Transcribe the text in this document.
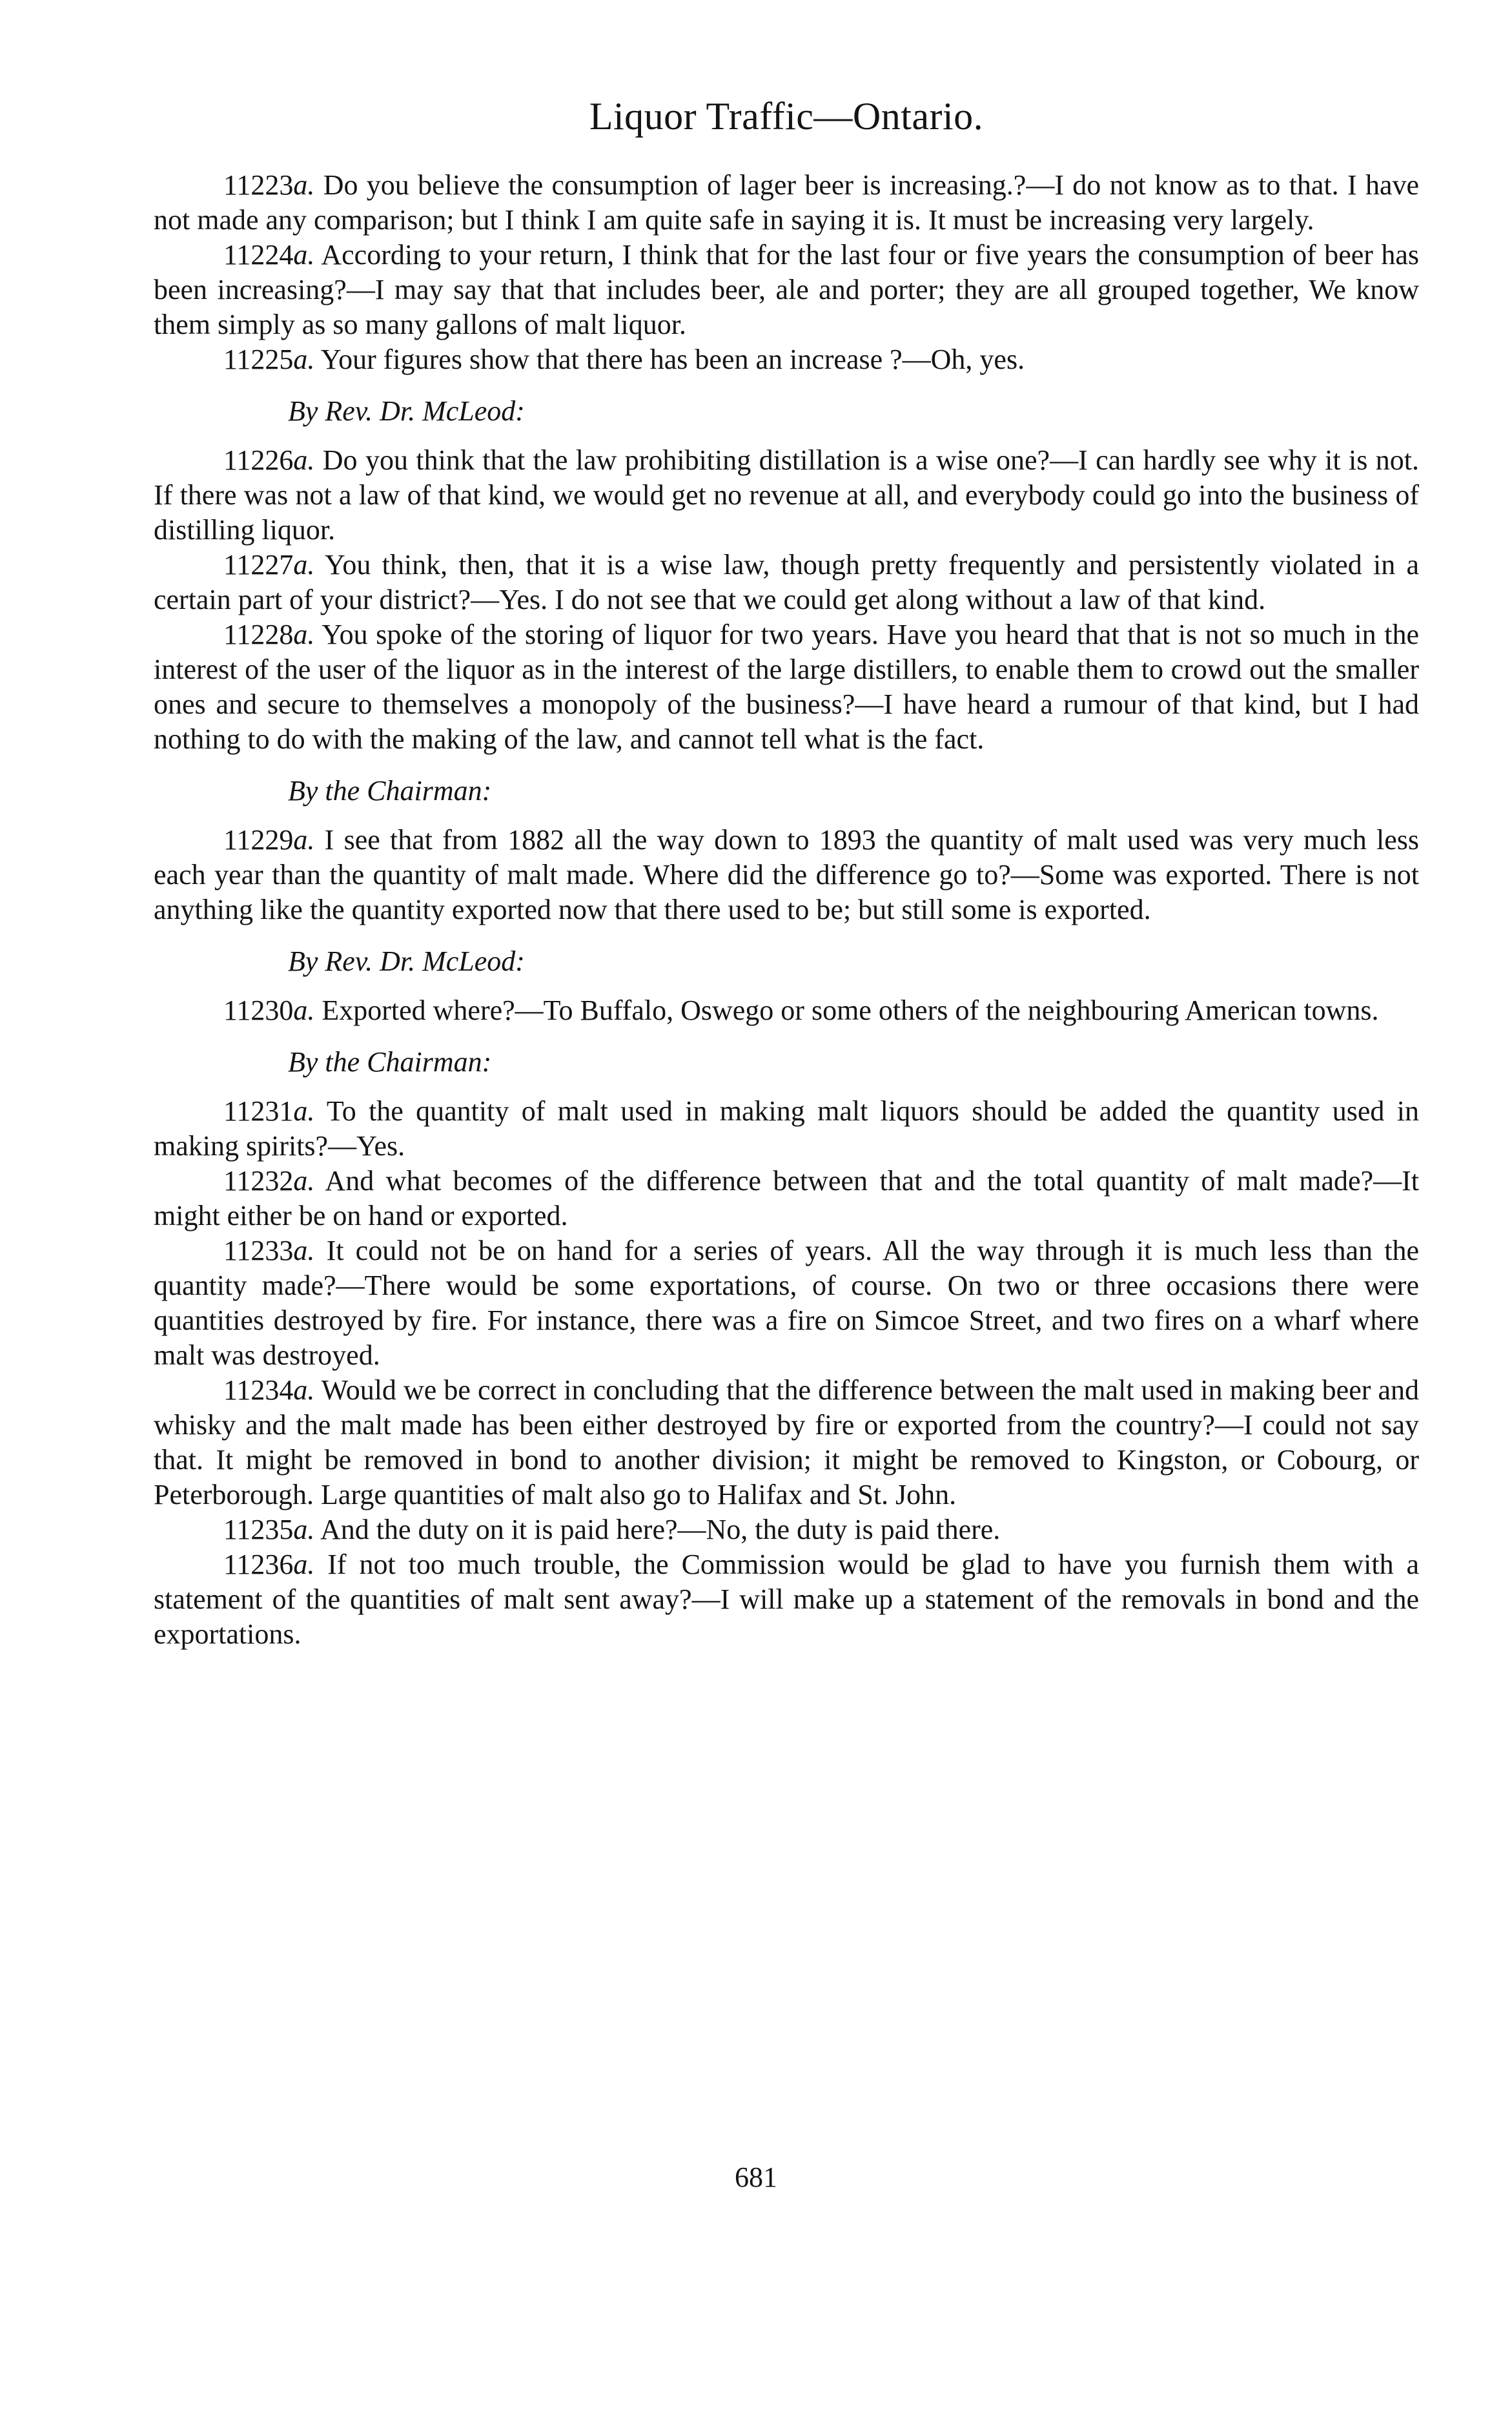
Liquor Traffic—Ontario.

11223a. Do you believe the consumption of lager beer is increasing.?—I do not know as to that. I have not made any comparison; but I think I am quite safe in saying it is. It must be increasing very largely.

11224a. According to your return, I think that for the last four or five years the consumption of beer has been increasing?—I may say that that includes beer, ale and porter; they are all grouped together, We know them simply as so many gallons of malt liquor.

11225a. Your figures show that there has been an increase ?—Oh, yes.

By Rev. Dr. McLeod:

11226a. Do you think that the law prohibiting distillation is a wise one?—I can hardly see why it is not. If there was not a law of that kind, we would get no revenue at all, and everybody could go into the business of distilling liquor.

11227a. You think, then, that it is a wise law, though pretty frequently and persistently violated in a certain part of your district?—Yes. I do not see that we could get along without a law of that kind.

11228a. You spoke of the storing of liquor for two years. Have you heard that that is not so much in the interest of the user of the liquor as in the interest of the large distillers, to enable them to crowd out the smaller ones and secure to themselves a monopoly of the business?—I have heard a rumour of that kind, but I had nothing to do with the making of the law, and cannot tell what is the fact.

By the Chairman:

11229a. I see that from 1882 all the way down to 1893 the quantity of malt used was very much less each year than the quantity of malt made. Where did the difference go to?—Some was exported. There is not anything like the quantity exported now that there used to be; but still some is exported.

By Rev. Dr. McLeod:

11230a. Exported where?—To Buffalo, Oswego or some others of the neighbouring American towns.

By the Chairman:

11231a. To the quantity of malt used in making malt liquors should be added the quantity used in making spirits?—Yes.

11232a. And what becomes of the difference between that and the total quantity of malt made?—It might either be on hand or exported.

11233a. It could not be on hand for a series of years. All the way through it is much less than the quantity made?—There would be some exportations, of course. On two or three occasions there were quantities destroyed by fire. For instance, there was a fire on Simcoe Street, and two fires on a wharf where malt was destroyed.

11234a. Would we be correct in concluding that the difference between the malt used in making beer and whisky and the malt made has been either destroyed by fire or exported from the country?—I could not say that. It might be removed in bond to another division; it might be removed to Kingston, or Cobourg, or Peterborough. Large quantities of malt also go to Halifax and St. John.

11235a. And the duty on it is paid here?—No, the duty is paid there.

11236a. If not too much trouble, the Commission would be glad to have you furnish them with a statement of the quantities of malt sent away?—I will make up a statement of the removals in bond and the exportations.

681
